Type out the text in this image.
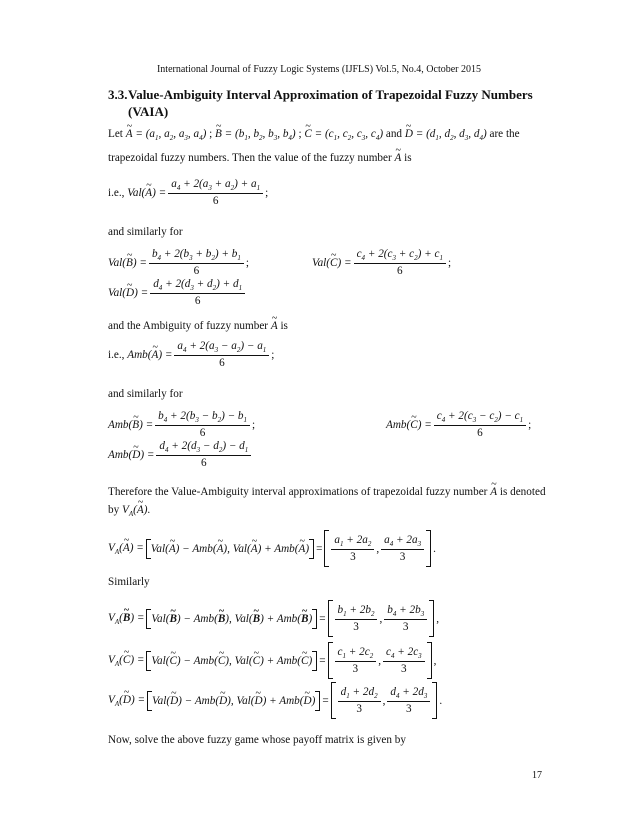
International Journal of Fuzzy Logic Systems (IJFLS) Vol.5, No.4, October 2015
3.3. Value-Ambiguity Interval Approximation of Trapezoidal Fuzzy Numbers (VAIA)
Let ~ $A = (a_1$, $a_2$, $a_3$, $a_4$) ; ~ $B = (b_1$, $b_2$, $b_3$, $b_4$) ; ~ $C = (c_1$, $c_2$, $c_3$, $c_4$) and ~ $D = (d_1$, $d_2$, $d_3$, $d_4$) are the
trapezoidal fuzzy numbers. Then the value of the fuzzy number ~ A is
i.e.,
Val(~ $A) = \frac{a_4 + 2(a_3 + a_2) + a_1}{6}$ ;
and similarly for
Val(~ $B) = \frac{b_4 + 2(b_3 + b_2) + b_1}{6}$ ;	Val(~ $C) = \frac{c_4 + 2(c_3 + c_2) + c_1}{6}$ ;
Val(~ $D) = \frac{d_4 + 2(d_3 + d_2) + d_1}{6}$
and the Ambiguity of fuzzy number ~ A is
i.e.,
Amb(~ $A) = \frac{a_4 + 2(a_3 - a_2) - a_1}{6}$ ;
and similarly for
Amb(~ $B) = \frac{b_4 + 2(b_3 - b_2) - b_1}{6}$ ;	Amb(~ $C) = \frac{c_4 + 2(c_3 - c_2) - c_1}{6}$ ;
Amb(~ $D) = \frac{d_4 + 2(d_3 - d_2) - d_1}{6}$
Therefore the Value-Ambiguity interval approximations of trapezoidal fuzzy number ~ A is denoted
by $V_A(\sim$ A).
$V_A(\sim$ A) = Val( ~ A ) − Amb( ~ A ), Val( ~ A ) + Amb( ~ A ) = $\frac{a_1 + 2a_2}{3}$ , $\frac{a_4 + 2a_3}{3}$ .
Similarly
$V_A(\sim$ B) = Val( ~ B ) − Amb( ~ B ), Val( ~ B ) + Amb( ~ B ) = $\frac{b_1 + 2b_2}{3}$ , $\frac{b_4 + 2b_3}{3}$ ,
$V_A(\sim$ C) = Val( ~ C ) − Amb( ~ C ), Val( ~ C ) + Amb( ~ C ) = $\frac{c_1 + 2c_2}{3}$ , $\frac{c_4 + 2c_3}{3}$ ,
$V_A(\sim$ D) = Val( ~ D ) − Amb( ~ D ), Val( ~ D ) + Amb( ~ D ) = $\frac{d_1 + 2d_2}{3}$ , $\frac{d_4 + 2d_3}{3}$ .
Now, solve the above fuzzy game whose payoff matrix is given by
17
